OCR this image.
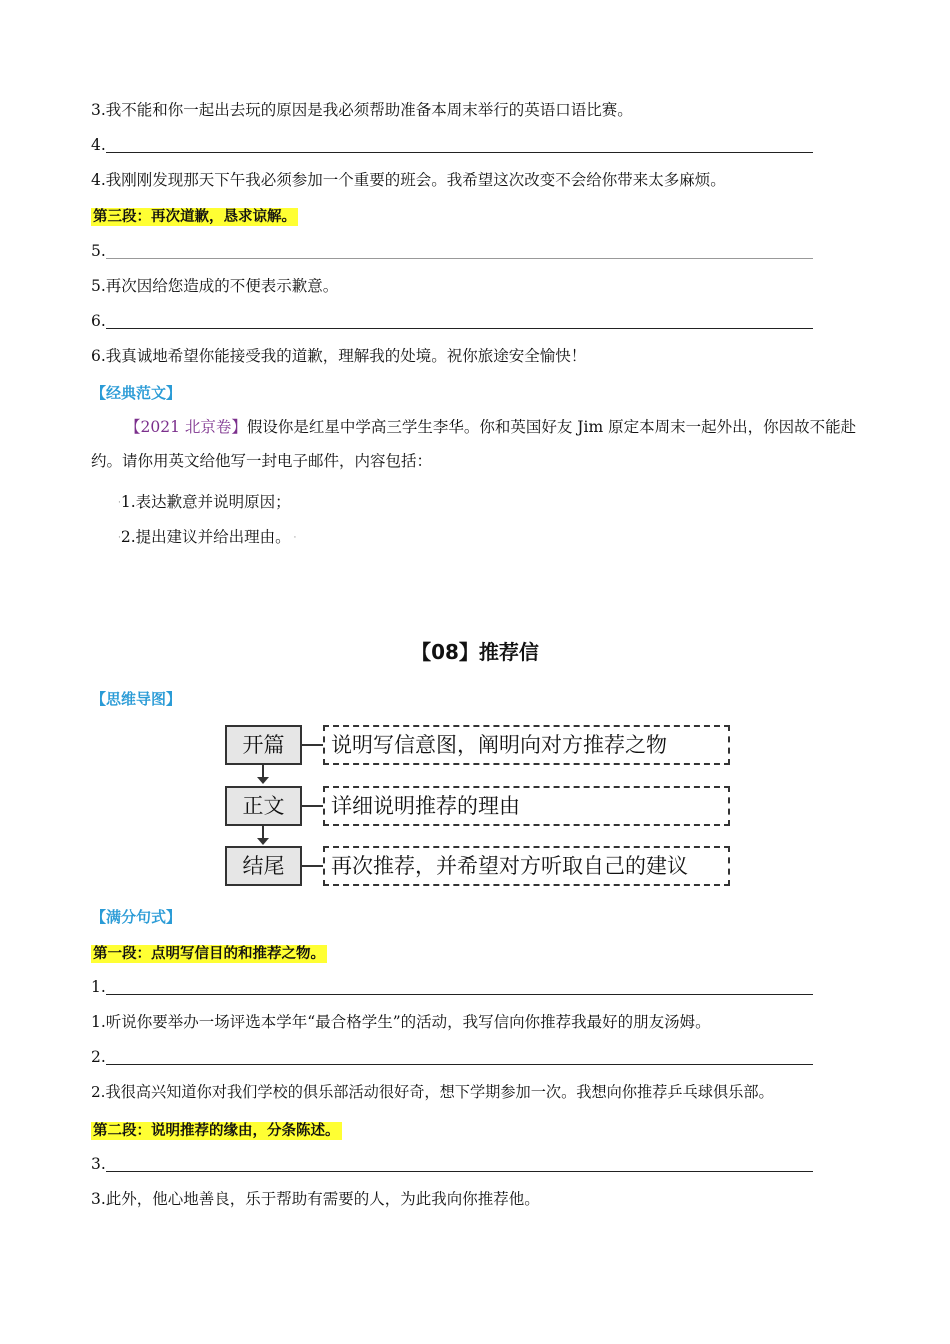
3.我不能和你一起出去玩的原因是我必须帮助准备本周末举行的英语口语比赛。
4.
4.我刚刚发现那天下午我必须参加一个重要的班会。我希望这次改变不会给你带来太多麻烦。
第三段：再次道歉，恳求谅解。
5.
5.再次因给您造成的不便表示歉意。
6.
6.我真诚地希望你能接受我的道歉，理解我的处境。祝你旅途安全愉快！
【经典范文】
【2021 北京卷】假设你是红星中学高三学生李华。你和英国好友 Jim 原定本周末一起外出，你因故不能赴约。请你用英文给他写一封电子邮件，内容包括：
·1.表达歉意并说明原因；
·2.提出建议并给出理由。 ·
【08】推荐信
【思维导图】
开篇	说明写信意图，阐明向对方推荐之物
正文	详细说明推荐的理由
结尾	再次推荐，并希望对方听取自己的建议
【满分句式】
第一段：点明写信目的和推荐之物。
1.
1.听说你要举办一场评选本学年“最合格学生”的活动，我写信向你推荐我最好的朋友汤姆。
2.
2.我很高兴知道你对我们学校的俱乐部活动很好奇，想下学期参加一次。我想向你推荐乒乓球俱乐部。
第二段：说明推荐的缘由，分条陈述。
3.
3.此外，他心地善良，乐于帮助有需要的人，为此我向你推荐他。
